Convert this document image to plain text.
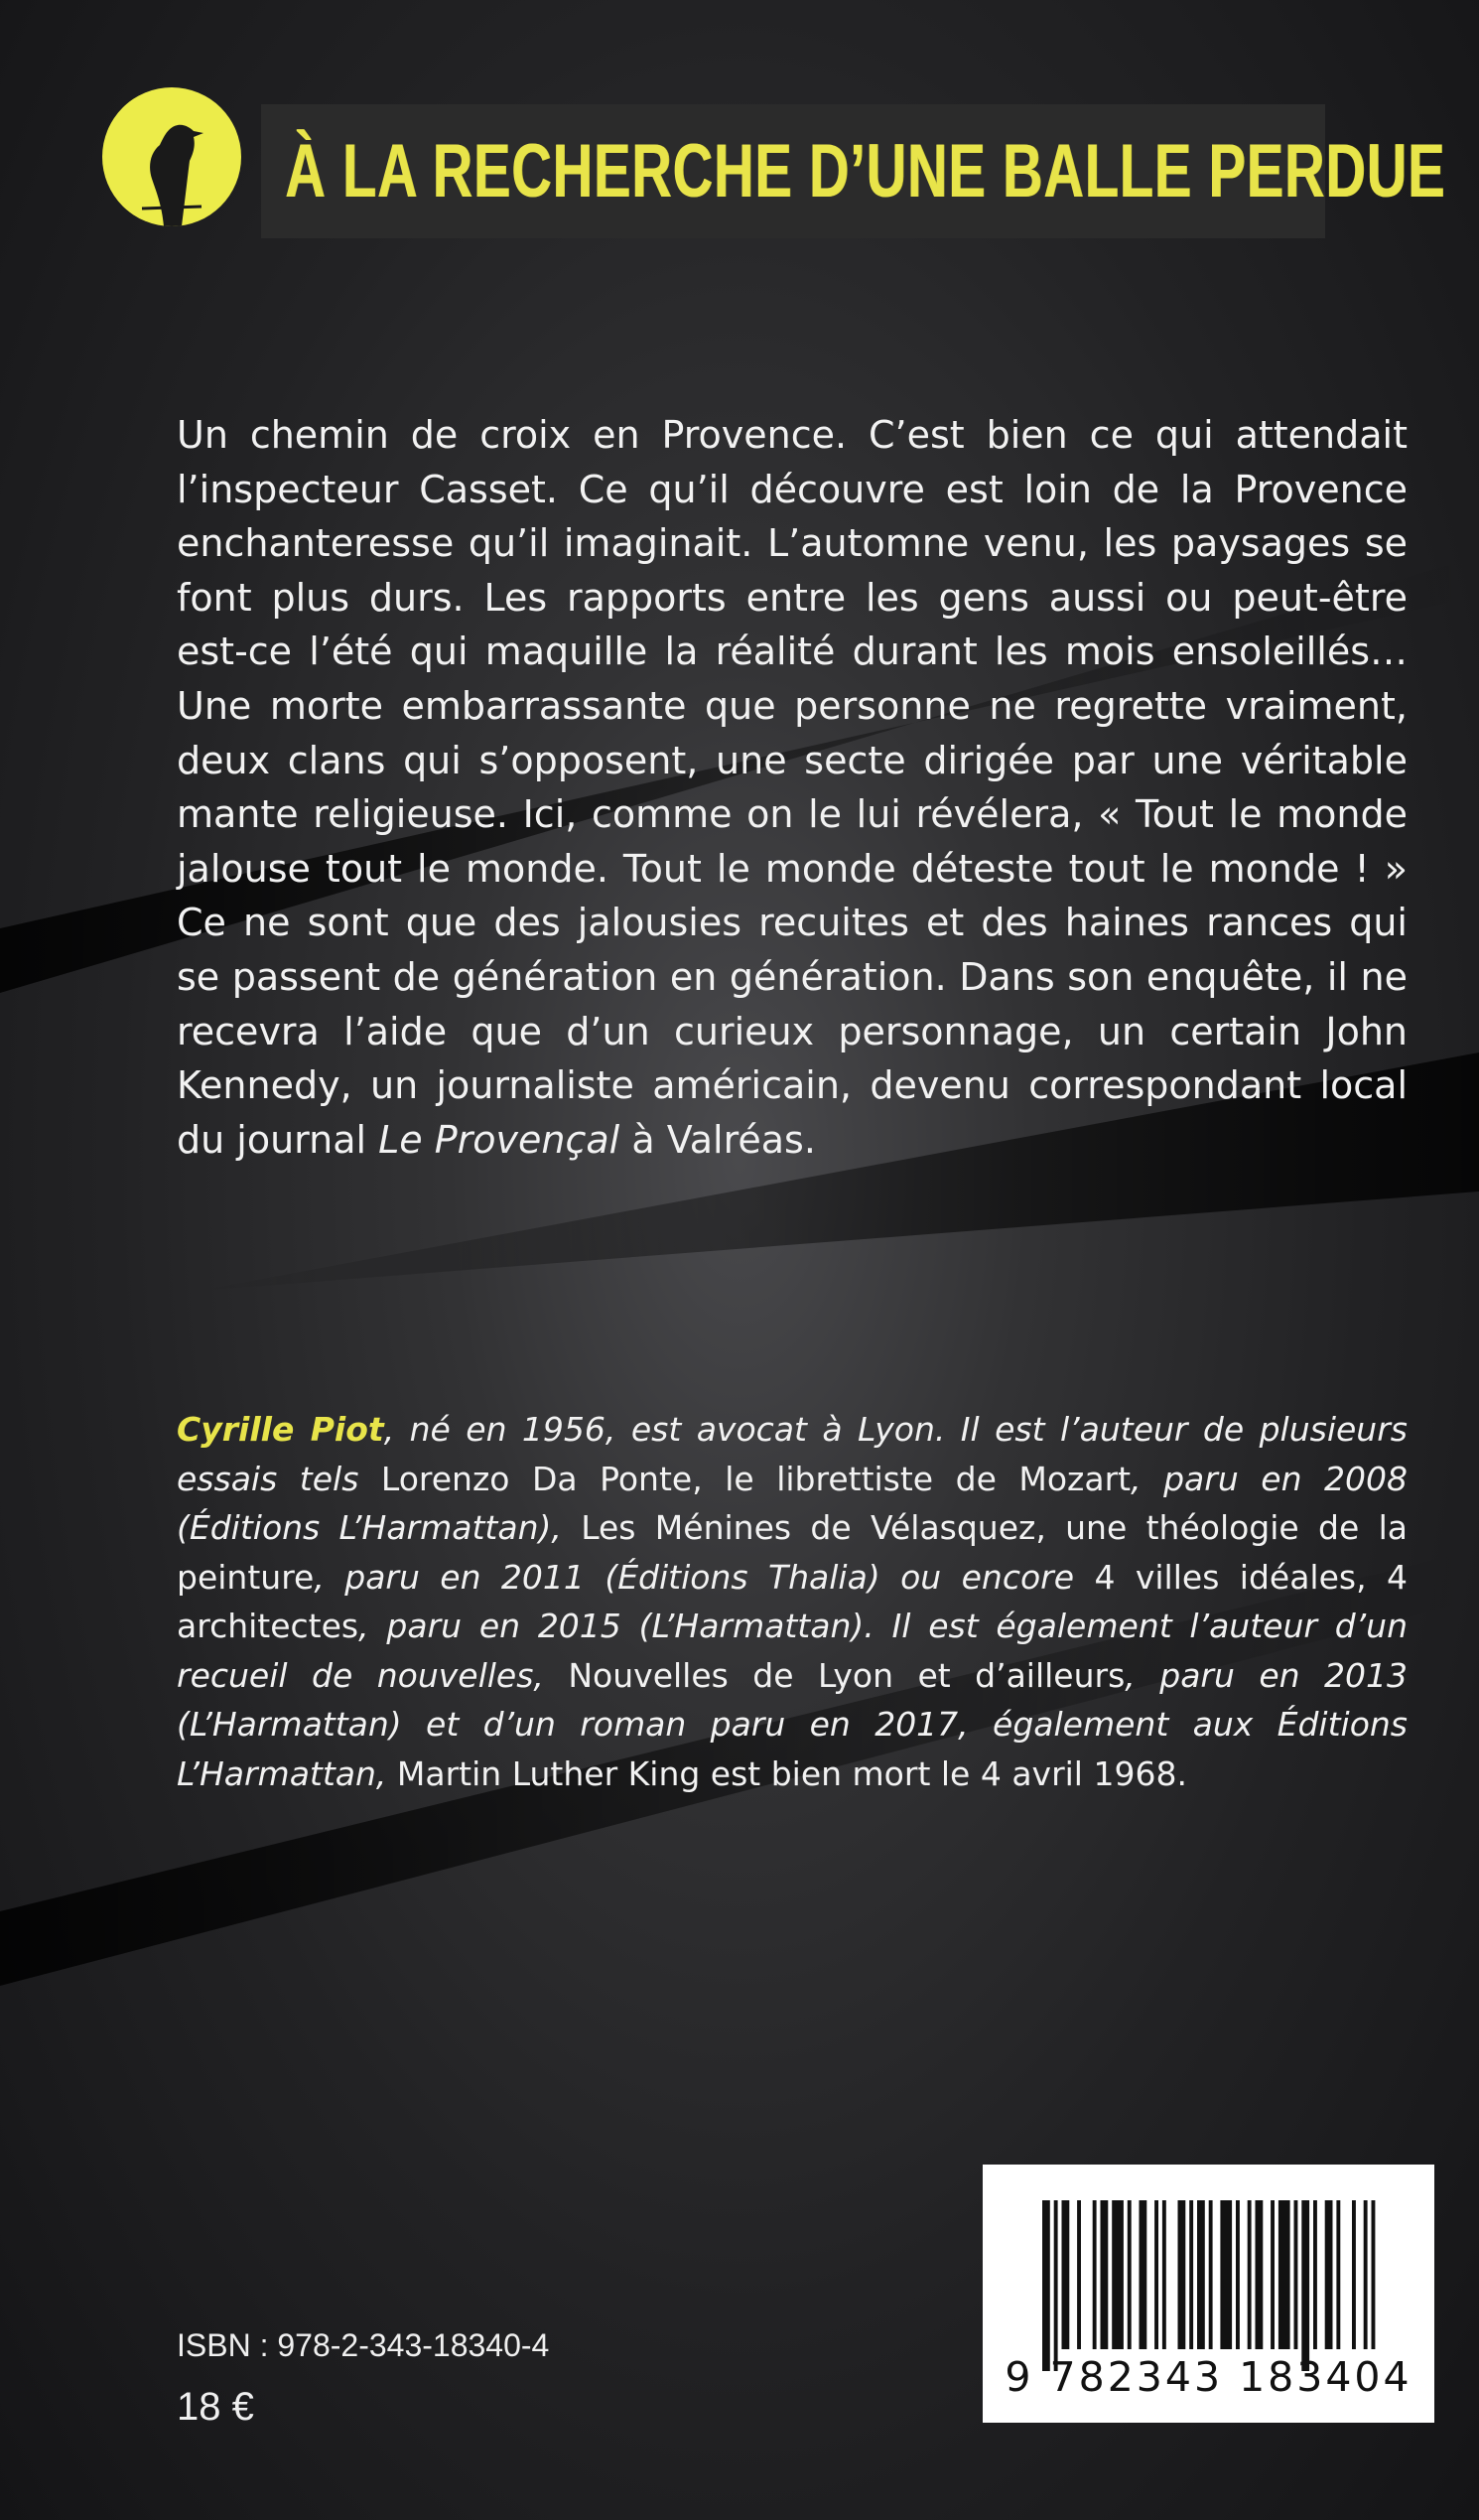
À LA RECHERCHE D’UNE BALLE PERDUE

Un chemin de croix en Provence. C’est bien ce qui attendait l’inspecteur Casset. Ce qu’il découvre est loin de la Provence enchanteresse qu’il imaginait. L’automne venu, les paysages se font plus durs. Les rapports entre les gens aussi ou peut-être est-ce l’été qui maquille la réalité durant les mois ensoleillés… Une morte embarrassante que personne ne regrette vraiment, deux clans qui s’opposent, une secte dirigée par une véritable mante religieuse. Ici, comme on le lui révélera, « Tout le monde jalouse tout le monde. Tout le monde déteste tout le monde ! » Ce ne sont que des jalousies recuites et des haines rances qui se passent de génération en génération. Dans son enquête, il ne recevra l’aide que d’un curieux personnage, un certain John Kennedy, un journaliste américain, devenu correspondant local du journal Le Provençal à Valréas.

Cyrille Piot, né en 1956, est avocat à Lyon. Il est l’auteur de plusieurs essais tels Lorenzo Da Ponte, le librettiste de Mozart, paru en 2008 (Éditions L’Harmattan), Les Ménines de Vélasquez, une théologie de la peinture, paru en 2011 (Éditions Thalia) ou encore 4 villes idéales, 4 architectes, paru en 2015 (L’Harmattan). Il est également l’auteur d’un recueil de nouvelles, Nouvelles de Lyon et d’ailleurs, paru en 2013 (L’Harmattan) et d’un roman paru en 2017, également aux Éditions L’Harmattan, Martin Luther King est bien mort le 4 avril 1968.
9 782343 183404
ISBN : 978-2-343-18340-4
18 €
